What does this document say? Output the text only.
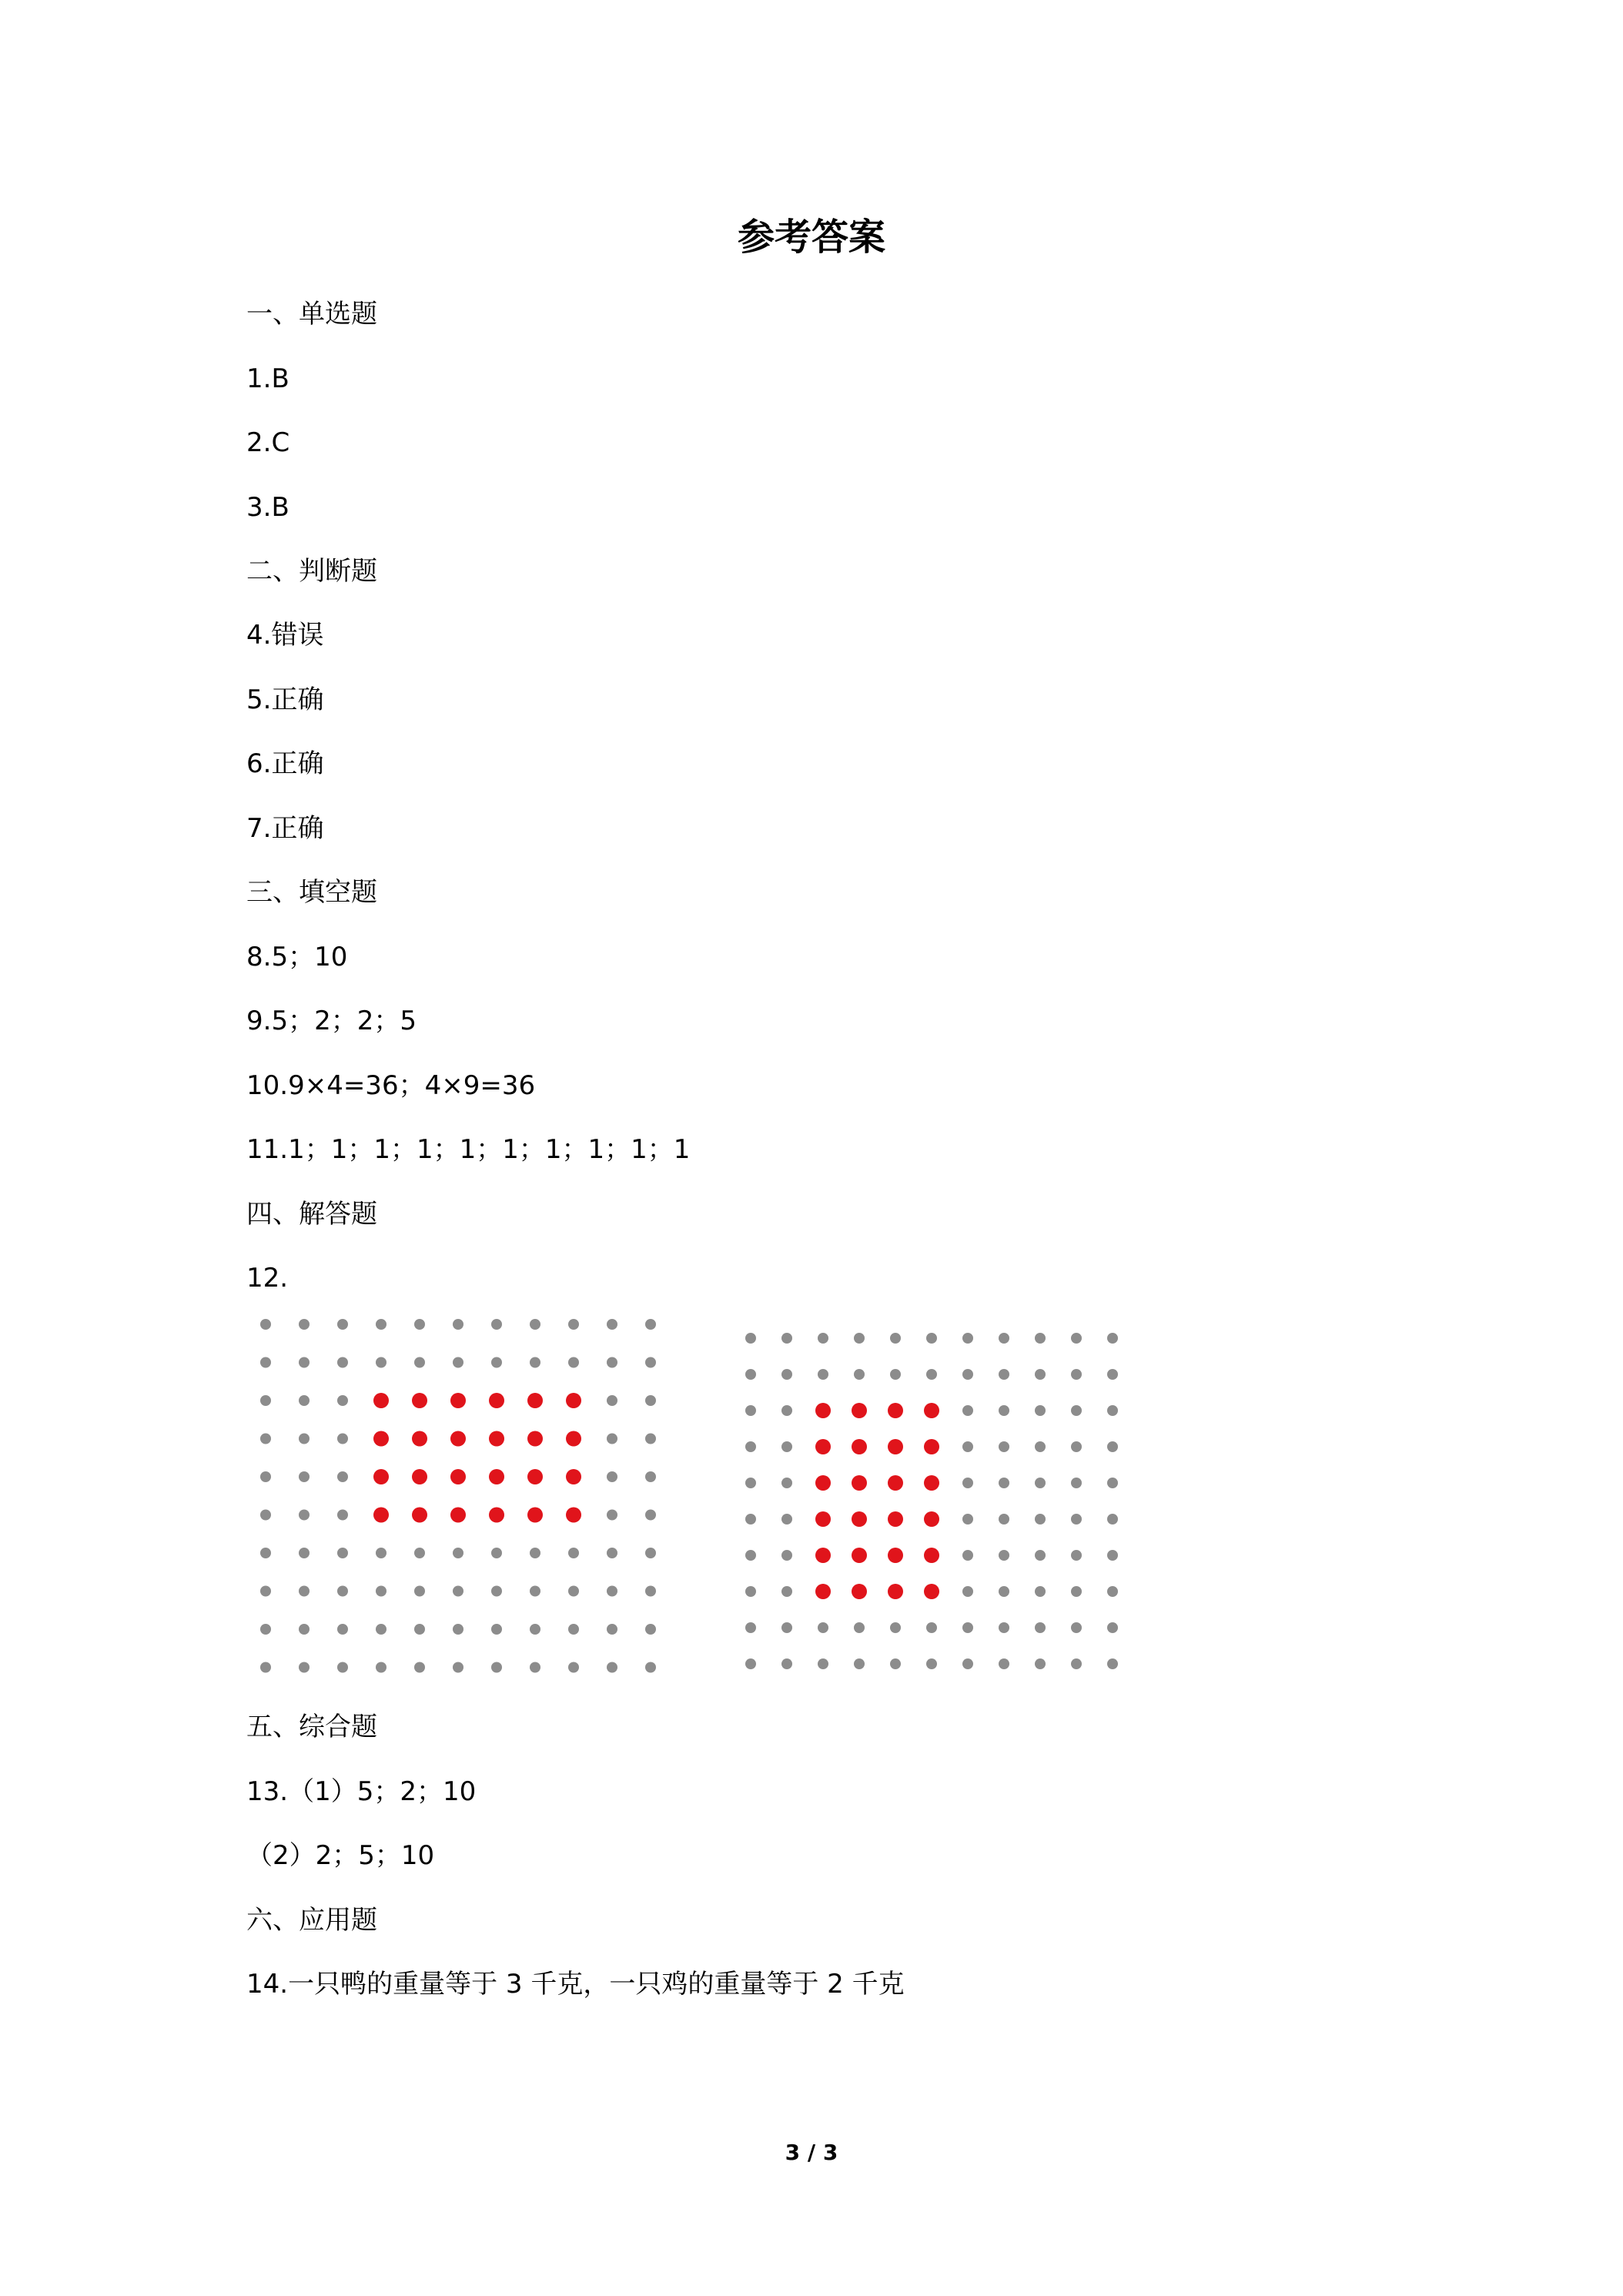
参考答案
一、单选题
1.B
2.C
3.B
二、判断题
4.错误
5.正确
6.正确
7.正确
三、填空题
8.5；10
9.5；2；2；5
10.9×4=36；4×9=36
11.1；1；1；1；1；1；1；1；1；1
四、解答题
12.
五、综合题
13.（1）5；2；10
（2）2；5；10
六、应用题
14.一只鸭的重量等于 3 千克，一只鸡的重量等于 2 千克
3 / 3
